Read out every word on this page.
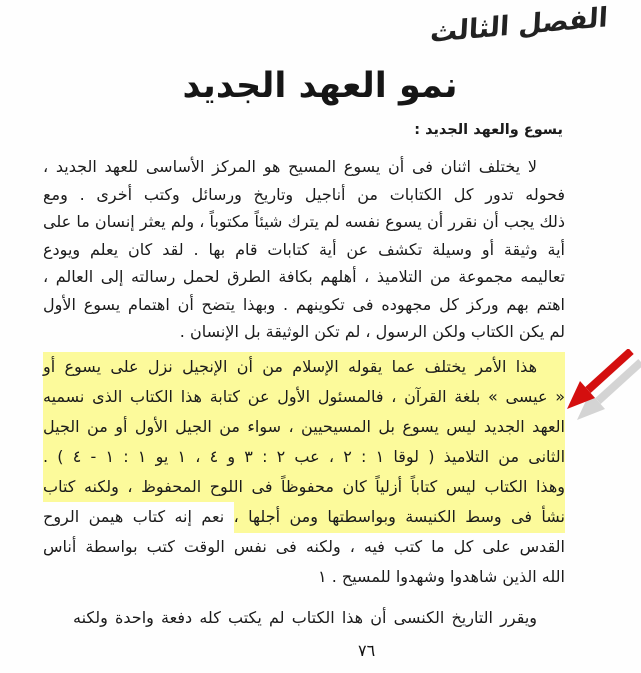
الفصل الثالث
نمو العهد الجديد
يسوع والعهد الجديد :
لا يختلف اثنان فى أن يسوع المسيح هو المركز الأساسى للعهد الجديد ،
فحوله تدور كل الكتابات من أناجيل وتاريخ ورسائل وكتب أخرى . ومع
ذلك يجب أن نقرر أن يسوع نفسه لم يترك شيئاً مكتوباً ، ولم يعثر إنسان ما على
أية وثيقة أو وسيلة تكشف عن أية كتابات قام بها . لقد كان يعلم ويودع
تعاليمه مجموعة من التلاميذ ، أهلهم بكافة الطرق لحمل رسالته إلى العالم ،
اهتم بهم وركز كل مجهوده فى تكوينهم . وبهذا يتضح أن اهتمام يسوع الأول
لم يكن الكتاب ولكن الرسول ، لم تكن الوثيقة بل الإنسان .
هذا الأمر يختلف عما يقوله الإسلام من أن الإنجيل نزل على يسوع أو
« عيسى » بلغة القرآن ، فالمسئول الأول عن كتابة هذا الكتاب الذى نسميه
العهد الجديد ليس يسوع بل المسيحيين ، سواء من الجيل الأول أو من الجيل
الثانى من التلاميذ ( لوقا ١ : ٢ ، عب ٢ : ٣ و ٤ ، ١ يو ١ : ١ - ٤ ) .
وهذا الكتاب ليس كتاباً أزلياً كان محفوظاً فى اللوح المحفوظ ، ولكنه كتاب
نشأ فى وسط الكنيسة وبواسطتها ومن أجلها ، نعم إنه كتاب هيمن الروح
القدس على كل ما كتب فيه ، ولكنه فى نفس الوقت كتب بواسطة أناس
الله الذين شاهدوا وشهدوا للمسيح . ١
ويقرر التاريخ الكنسى أن هذا الكتاب لم يكتب كله دفعة واحدة ولكنه
٧٦
